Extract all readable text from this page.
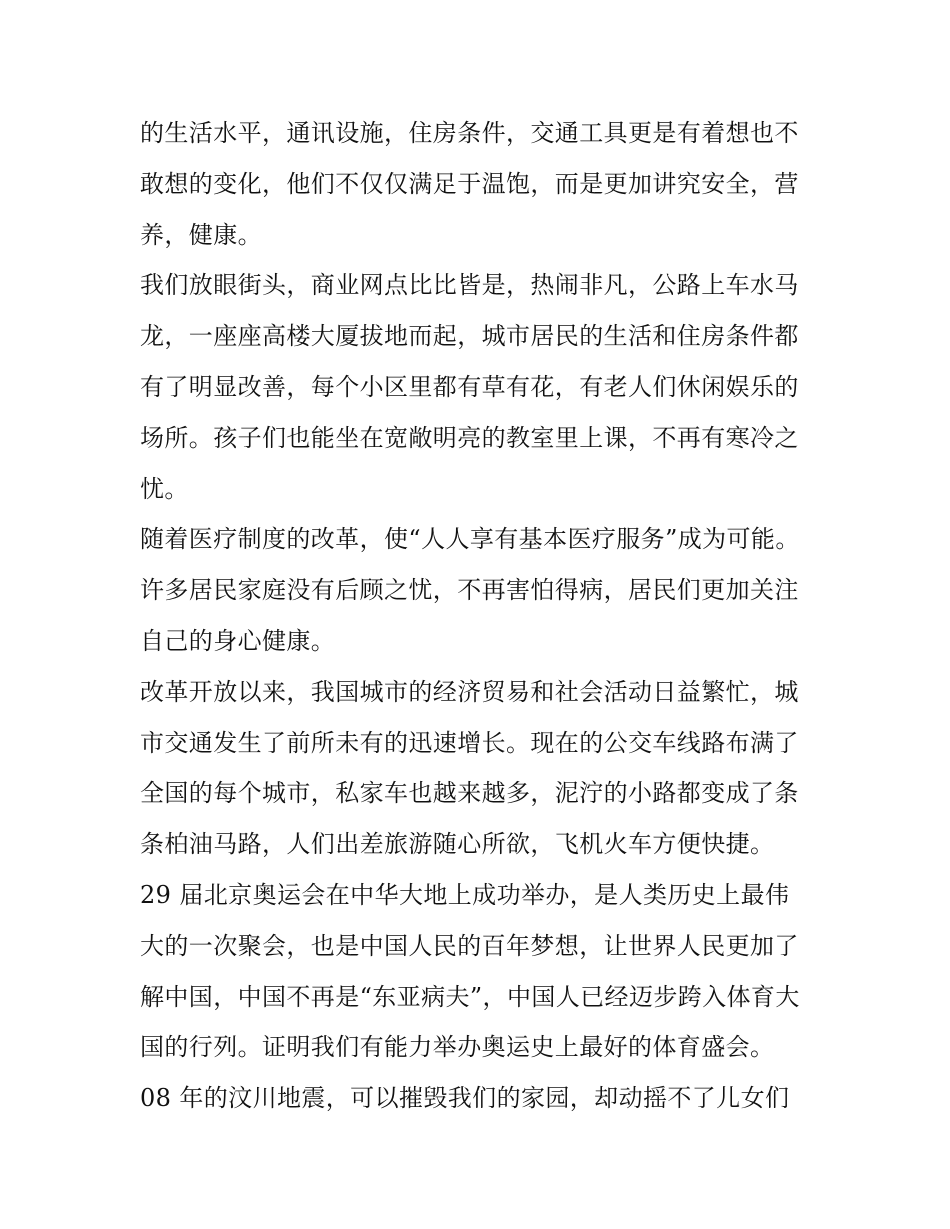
的生活水平，通讯设施，住房条件，交通工具更是有着想也不
敢想的变化，他们不仅仅满足于温饱，而是更加讲究安全，营
养，健康。
我们放眼街头，商业网点比比皆是，热闹非凡，公路上车水马
龙，一座座高楼大厦拔地而起，城市居民的生活和住房条件都
有了明显改善，每个小区里都有草有花，有老人们休闲娱乐的
场所。孩子们也能坐在宽敞明亮的教室里上课，不再有寒冷之
忧。
随着医疗制度的改革，使“人人享有基本医疗服务”成为可能。
许多居民家庭没有后顾之忧，不再害怕得病，居民们更加关注
自己的身心健康。
改革开放以来，我国城市的经济贸易和社会活动日益繁忙，城
市交通发生了前所未有的迅速增长。现在的公交车线路布满了
全国的每个城市，私家车也越来越多，泥泞的小路都变成了条
条柏油马路，人们出差旅游随心所欲，飞机火车方便快捷。
29 届北京奥运会在中华大地上成功举办，是人类历史上最伟
大的一次聚会，也是中国人民的百年梦想，让世界人民更加了
解中国，中国不再是“东亚病夫”，中国人已经迈步跨入体育大
国的行列。证明我们有能力举办奥运史上最好的体育盛会。
08 年的汶川地震，可以摧毁我们的家园，却动摇不了儿女们
